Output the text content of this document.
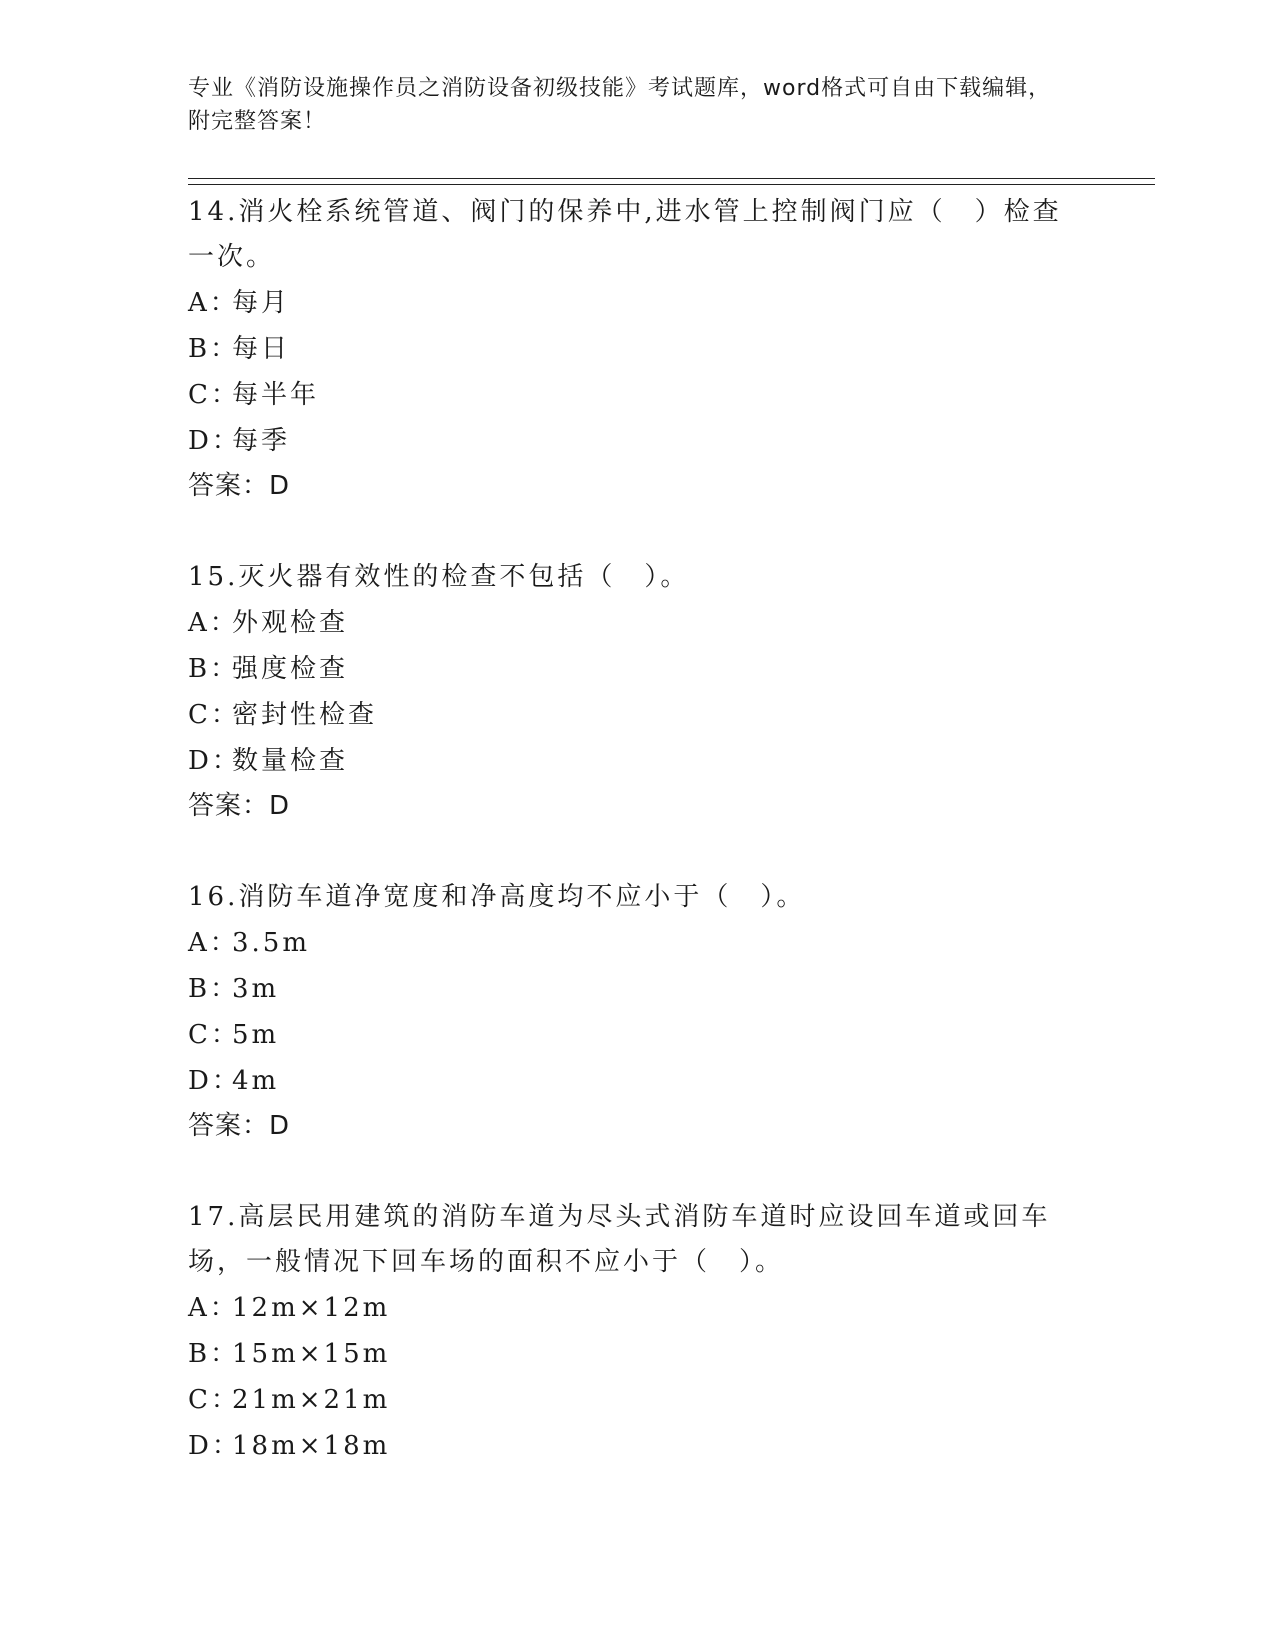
专业《消防设施操作员之消防设备初级技能》考试题库，word格式可自由下载编辑，附完整答案！
14.消火栓系统管道、阀门的保养中,进水管上控制阀门应（　）检查一次。
A：
每月
B：
每日
C：
每半年
D：
每季
答案：D
15.灭火器有效性的检查不包括（　）。
A：
外观检查
B：
强度检查
C：
密封性检查
D：
数量检查
答案：D
16.消防车道净宽度和净高度均不应小于（　）。
A：
3.5m
B：
3m
C：
5m
D：
4m
答案：D
17.高层民用建筑的消防车道为尽头式消防车道时应设回车道或回车场，一般情况下回车场的面积不应小于（　）。
A：
12m×12m
B：
15m×15m
C：
21m×21m
D：
18m×18m
